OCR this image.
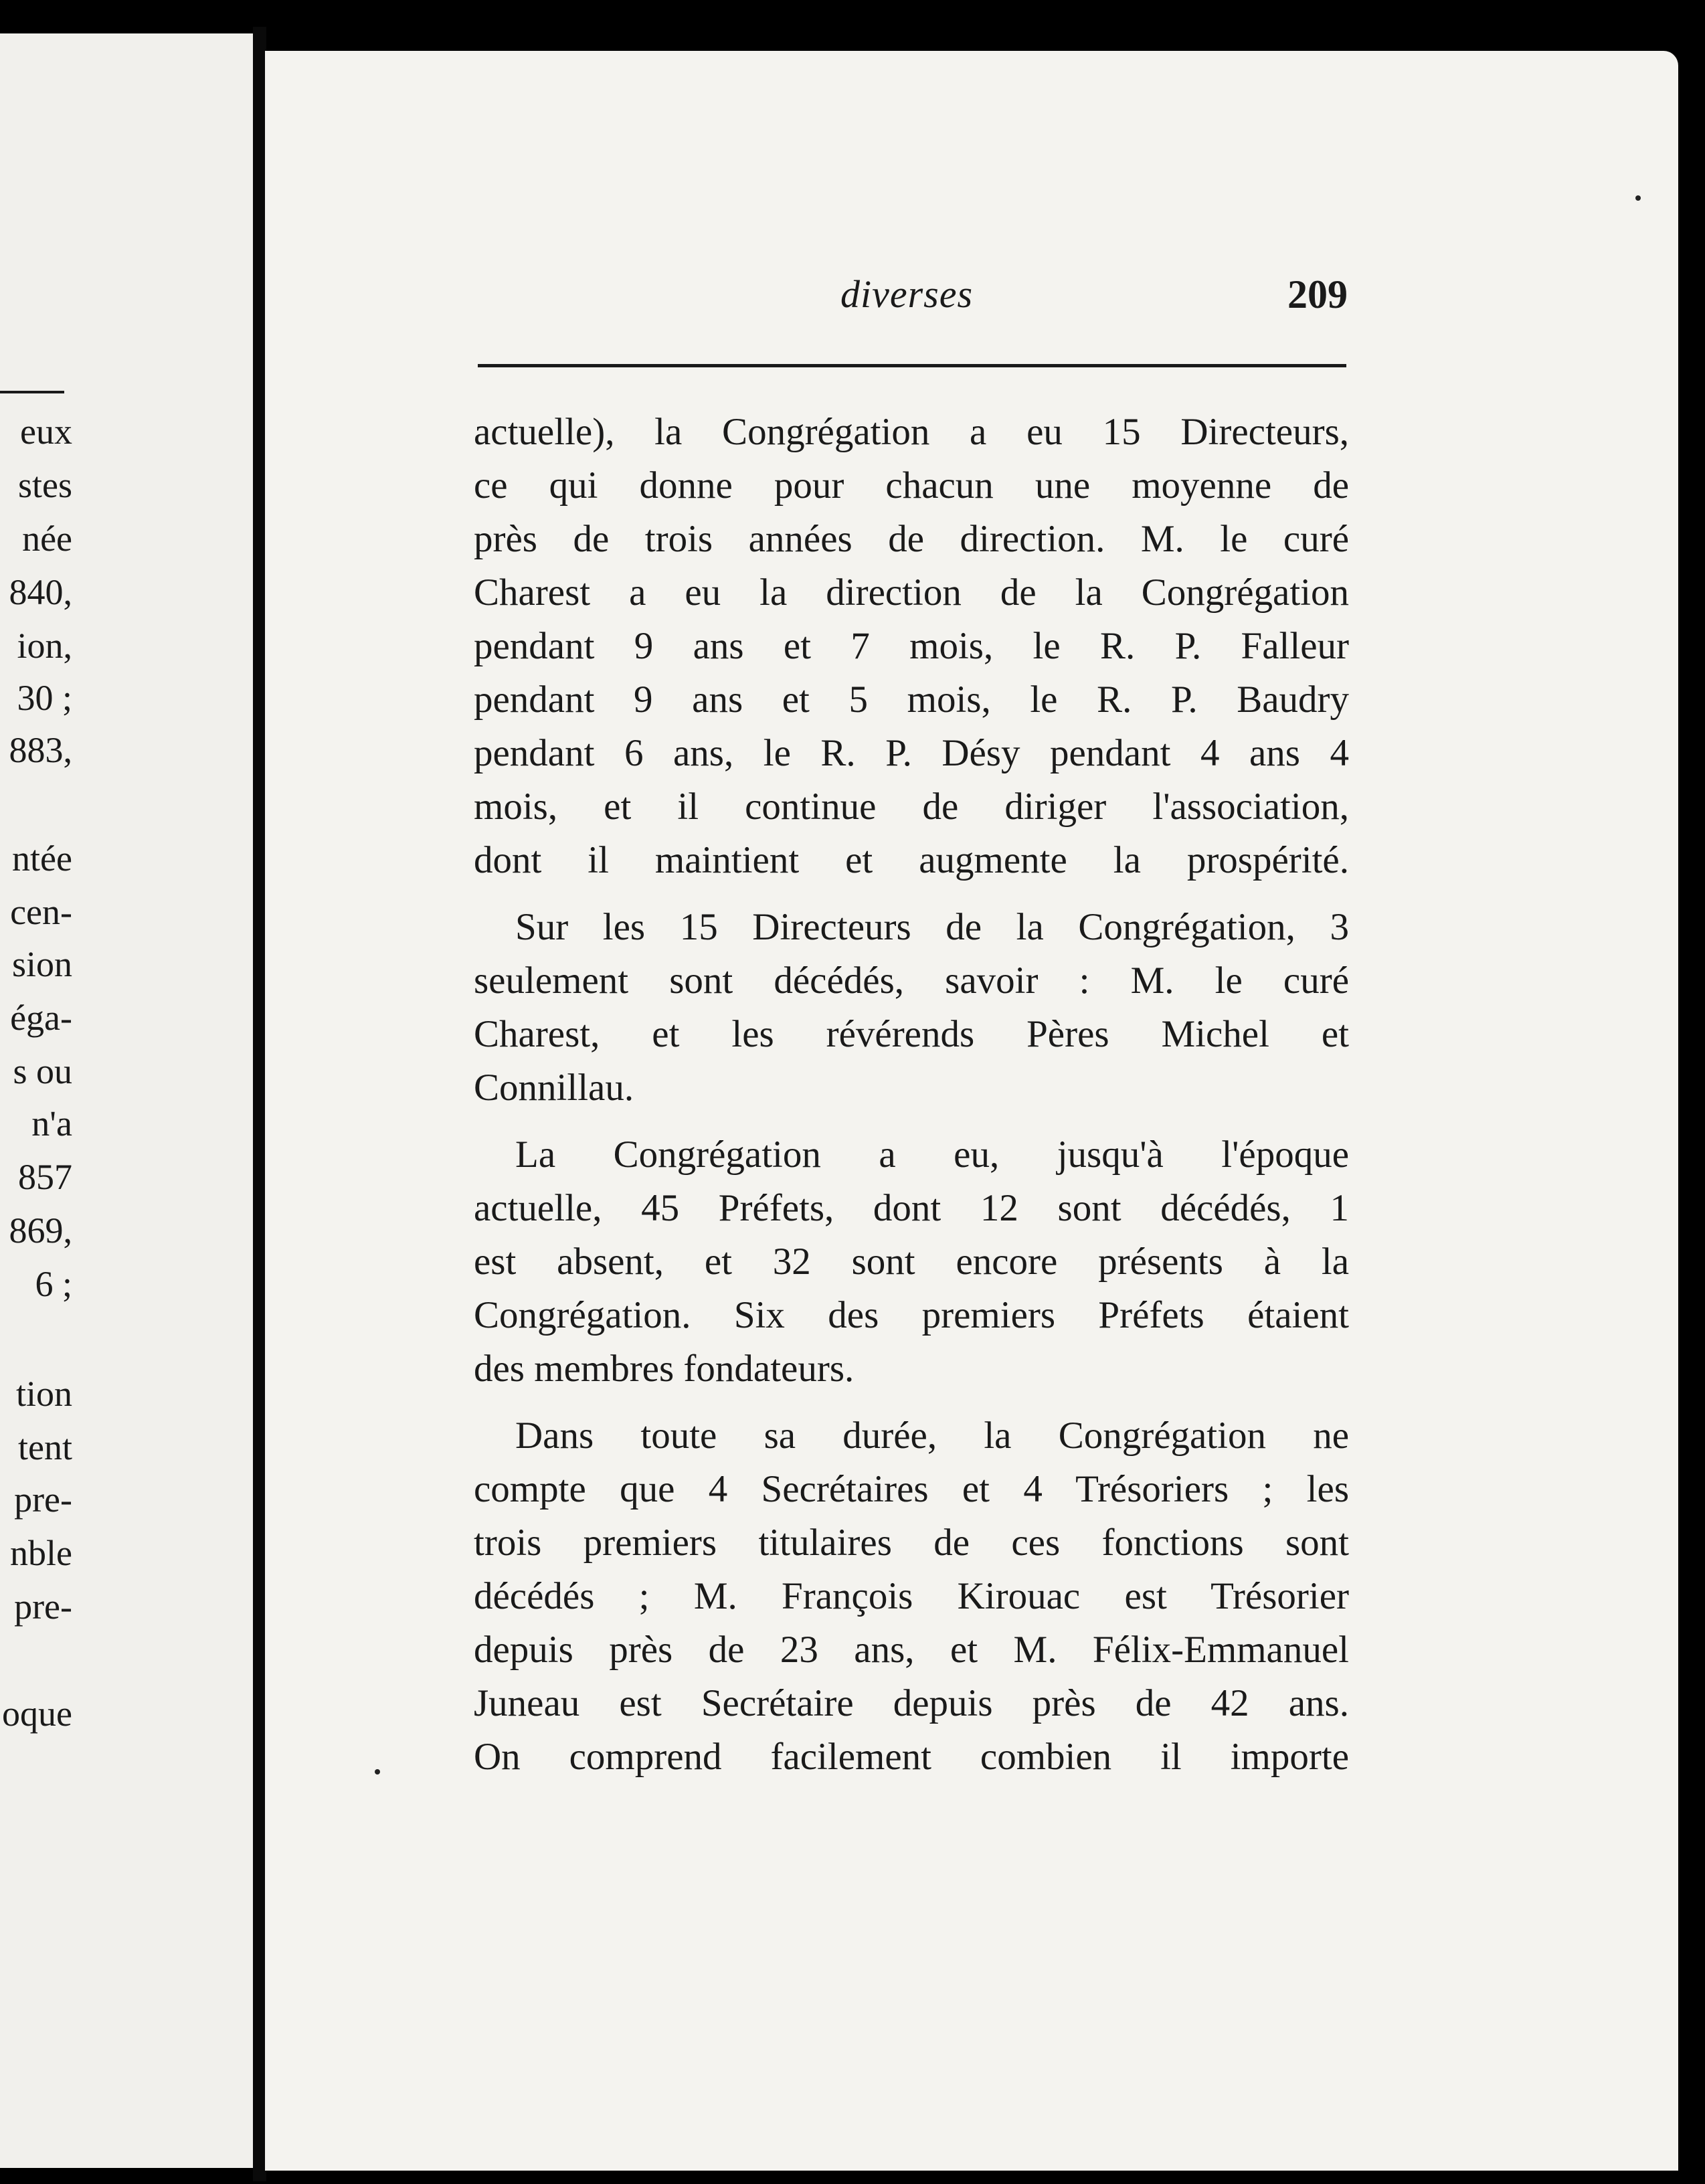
eux
stes
née
840,
ion,
30 ;
883,
ntée
cen-
sion
éga-
s ou
n'a
857
869,
6 ;
tion
tent
pre-
nble
pre-
oque
diverses	209
actuelle), la Congrégation a eu 15 Directeurs,
ce qui donne pour chacun une moyenne de
près de trois années de direction. M. le curé
Charest a eu la direction de la Congrégation
pendant 9 ans et 7 mois, le R. P. Falleur
pendant 9 ans et 5 mois, le R. P. Baudry
pendant 6 ans, le R. P. Désy pendant 4 ans 4
mois, et il continue de diriger l'association,
dont il maintient et augmente la prospérité.
Sur les 15 Directeurs de la Congrégation, 3
seulement sont décédés, savoir : M. le curé
Charest, et les révérends Pères Michel et
Connillau.
La Congrégation a eu, jusqu'à l'époque
actuelle, 45 Préfets, dont 12 sont décédés, 1
est absent, et 32 sont encore présents à la
Congrégation. Six des premiers Préfets étaient
des membres fondateurs.
Dans toute sa durée, la Congrégation ne
compte que 4 Secrétaires et 4 Trésoriers ; les
trois premiers titulaires de ces fonctions sont
décédés ; M. François Kirouac est Trésorier
depuis près de 23 ans, et M. Félix-Emmanuel
Juneau est Secrétaire depuis près de 42 ans.
On comprend facilement combien il importe
